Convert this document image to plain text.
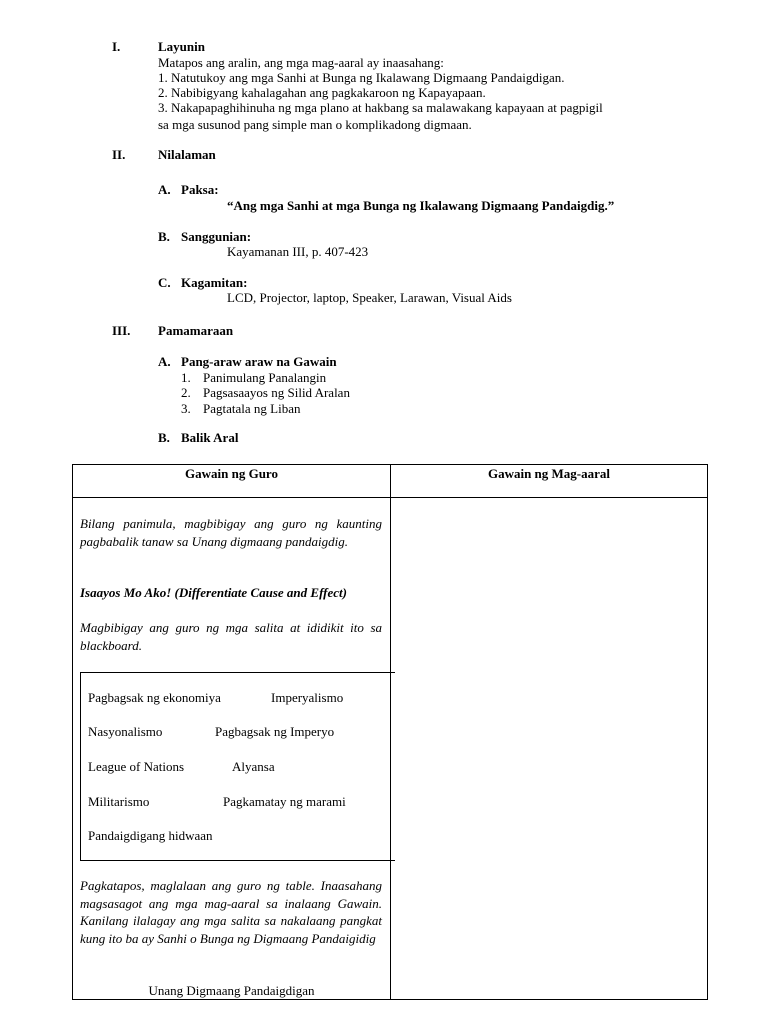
I.	Layunin
Matapos ang aralin, ang mga mag-aaral ay inaasahang:
1. Natutukoy ang mga Sanhi at Bunga ng Ikalawang Digmaang Pandaigdigan.
2. Nabibigyang kahalagahan ang pagkakaroon ng Kapayapaan.
3. Nakapapaghihinuha ng mga plano at hakbang sa malawakang kapayaan at pagpigil
sa mga susunod pang simple man o komplikadong digmaan.
II.	Nilalaman
A. Paksa:
“Ang mga Sanhi at mga Bunga ng Ikalawang Digmaang Pandaigdig.”
B. Sanggunian:
Kayamanan III, p. 407-423
C. Kagamitan:
LCD, Projector, laptop, Speaker, Larawan, Visual Aids
III. Pamamaraan
A. Pang-araw araw na Gawain
1. Panimulang Panalangin
2. Pagsasaayos ng Silid Aralan
3. Pagtatala ng Liban
B. Balik Aral
Gawain ng Guro	Gawain ng Mag-aaral
Bilang panimula, magbibigay ang guro ng kaunting pagbabalik tanaw sa Unang digmaang pandaigdig.
Isaayos Mo Ako! (Differentiate Cause and Effect)
Magbibigay ang guro ng mga salita at ididikit ito sa blackboard.
Pagbagsak ng ekonomiya	Imperyalismo
Nasyonalismo	Pagbagsak ng Imperyo
League of Nations	Alyansa
Militarismo	Pagkamatay ng marami
Pandaigdigang hidwaan
Pagkatapos, maglalaan ang guro ng table. Inaasahang magsasagot ang mga mag-aaral sa inalaang Gawain. Kanilang ilalagay ang mga salita sa nakalaang pangkat kung ito ba ay Sanhi o Bunga ng Digmaang Pandaigidig
Unang Digmaang Pandaigdigan
